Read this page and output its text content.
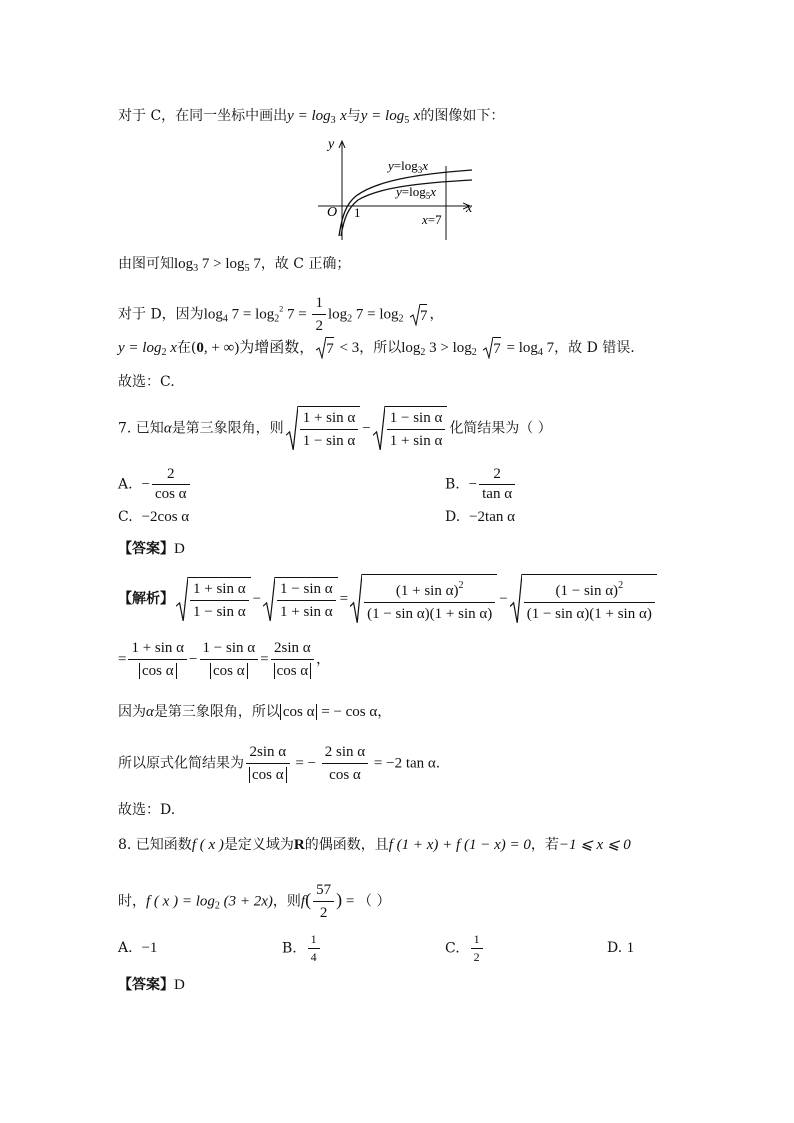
对于 C，在同一坐标中画出$y = \log_3 x$与$y = \log_5 x$的图像如下：
y
x
O 1
$y=\log_3x$
$y=\log_5x$
x=7
由图可知$\log_3 7 > \log_5 7$，故 C 正确；
对于 D，因为$\log_4 7 = \log_2^2 7 = \frac{1}{2} \log_2 7 = \log_2 7$ ，
$y = \log_2 x$在(0, + ∞)为增函数， 7 < 3，所以$\log_2 3 > \log_2 7 = \log_4 7$，故 D 错误.
故选：C.
7. 已知α是第三象限角，则 $\frac{\text{1 + sin α}}{\text{1 − sin α}} - \frac{\text{1 − sin α}}{\text{1 + sin α}}$ 化简结果为（ ）
A. − $\frac{2}{\text{cos α}}$	B. − $\frac{2}{\text{tan α}}$
C. −2cos α	D. −2tan α
【答案】D
【解析】 $\frac{\text{1 + sin α}}{\text{1 − sin α}} - \frac{\text{1 − sin α}}{\text{1 + sin α}} = \frac{(1 + \sin \alpha)^2}{\text{(1 − sin α)(1 + sin α)}} - \frac{(1 - \sin \alpha)^2}{\text{(1 − sin α)(1 + sin α)}}$
= $\frac{\text{1 + sin α}}{\text{cos α}} - \frac{\text{1 − sin α}}{\text{cos α}} = \frac{\text{2sin α}}{\text{cos α}}$ ，
因为α是第三象限角，所以 cos α = − cos α，
所以原式化简结果为 $\frac{\text{2sin α}}{\text{cos α}}$ = − $\frac{\text{2 sin α}}{\text{cos α}} = -2$ tan α.
故选：D.
8. 已知函数f ( x )是定义域为R的偶函数，且f (1 + x) + f (1 − x) = 0，若−1 ⩽ x ⩽ 0
时，f ( x ) = $\log_2 (3 + 2x)$，则$f( \frac{57}{2}$ ) = （ ）
A. −1	B. $\frac{1}{4}$	C. $\frac{1}{2}$	D. 1
【答案】D
